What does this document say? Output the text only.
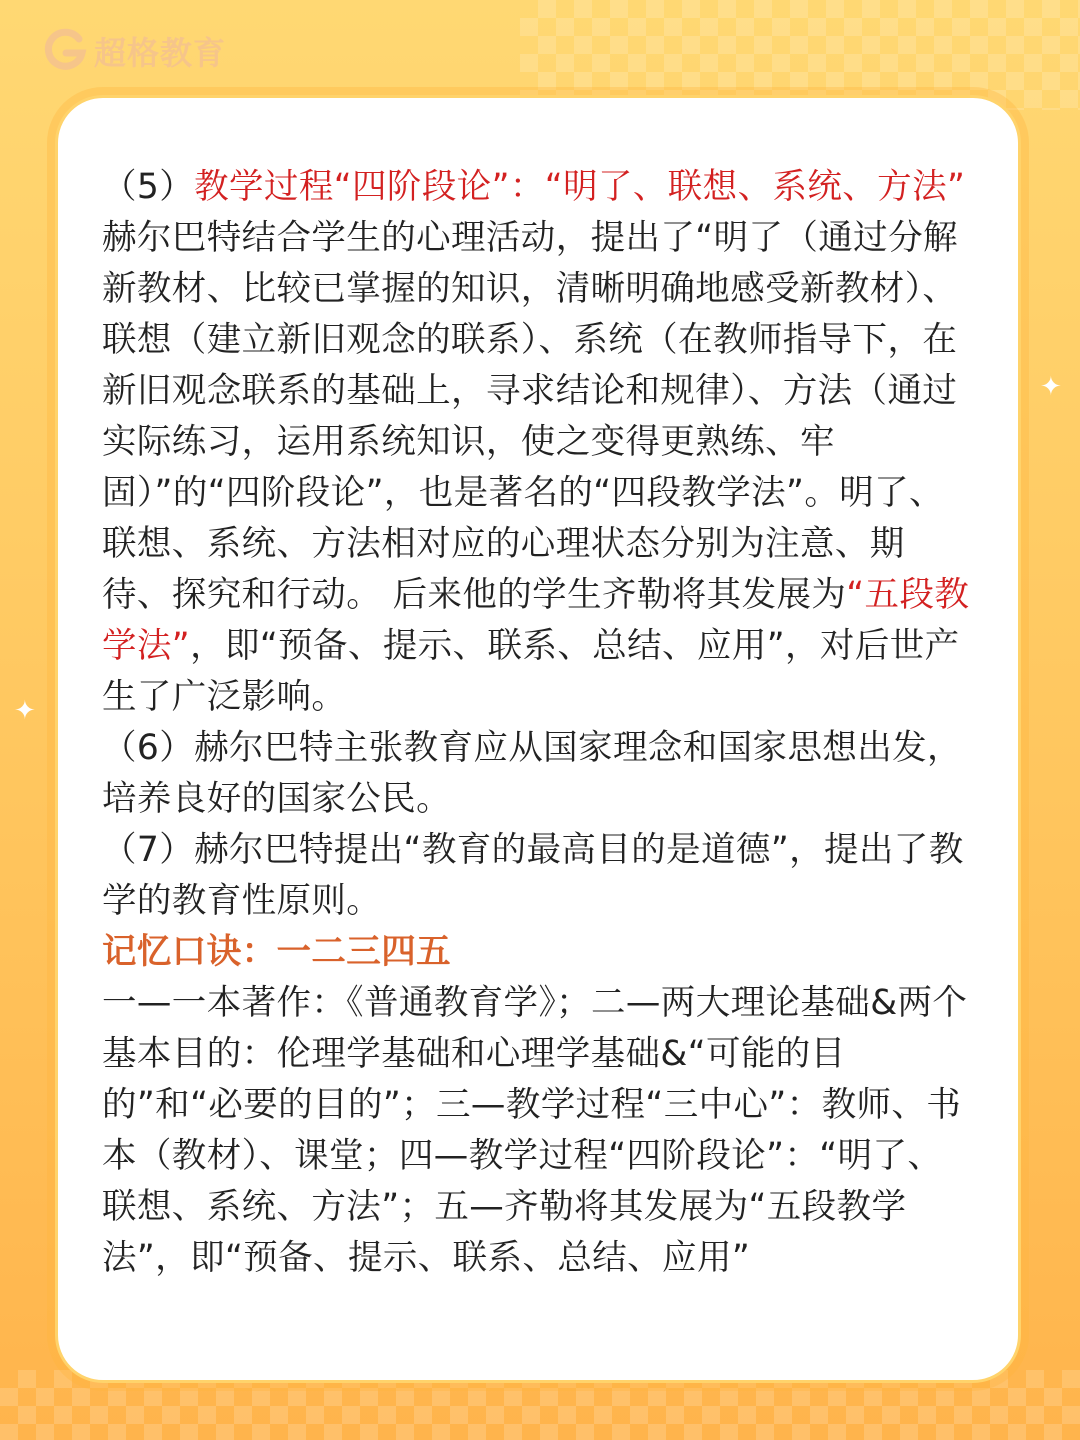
超格教育
✦
✦

（5）教学过程“四阶段论”：“明了、联想、系统、方法”

赫尔巴特结合学生的心理活动，提出了“明了（通过分解新教材、比较已掌握的知识，清晰明确地感受新教材）、联想（建立新旧观念的联系）、系统（在教师指导下，在新旧观念联系的基础上，寻求结论和规律）、方法（通过实际练习，运用系统知识，使之变得更熟练、牢固）”的“四阶段论”，也是著名的“四段教学法”。明了、联想、系统、方法相对应的心理状态分别为注意、期待、探究和行动。 后来他的学生齐勒将其发展为“五段教学法”，即“预备、提示、联系、总结、应用”，对后世产生了广泛影响。

（6）赫尔巴特主张教育应从国家理念和国家思想出发，培养良好的国家公民。

（7）赫尔巴特提出“教育的最高目的是道德”，提出了教学的教育性原则。

记忆口诀：一二三四五

一—一本著作：《普通教育学》；二—两大理论基础&两个基本目的：伦理学基础和心理学基础&“可能的目的”和“必要的目的”；三—教学过程“三中心”：教师、书本（教材）、课堂；四—教学过程“四阶段论”：“明了、联想、系统、方法”；五—齐勒将其发展为“五段教学法”，即“预备、提示、联系、总结、应用”
